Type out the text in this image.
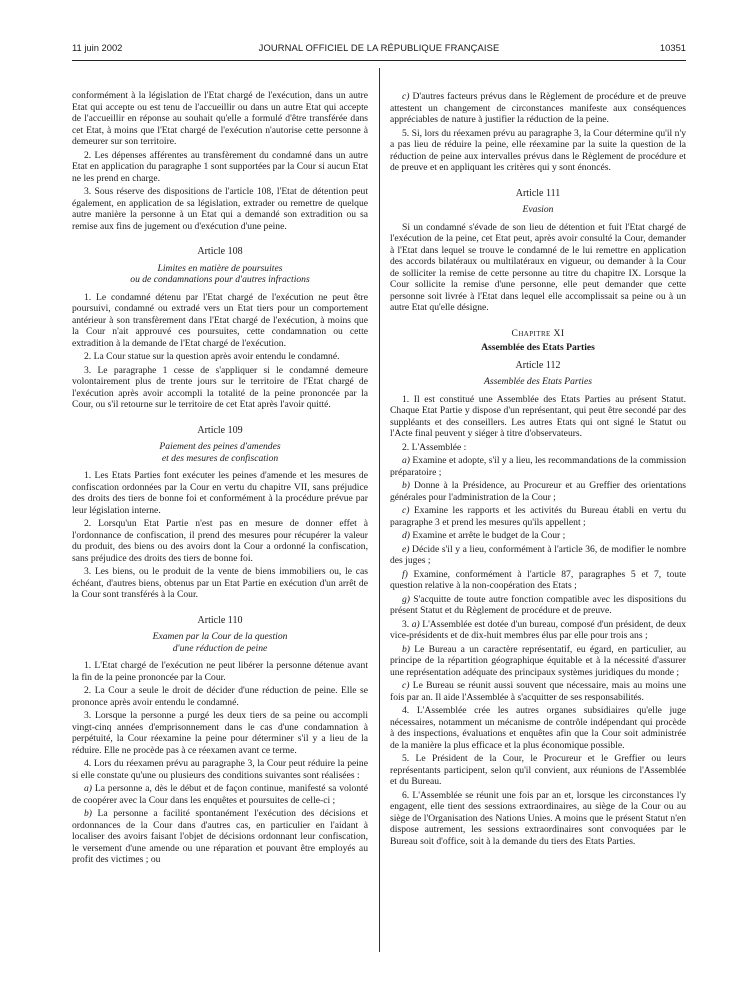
11 juin 2002	JOURNAL OFFICIEL DE LA RÉPUBLIQUE FRANÇAISE	10351

conformément à la législation de l'Etat chargé de l'exécution, dans un autre Etat qui accepte ou est tenu de l'accueillir ou dans un autre Etat qui accepte de l'accueillir en réponse au souhait qu'elle a formulé d'être transférée dans cet Etat, à moins que l'Etat chargé de l'exécution n'autorise cette personne à demeurer sur son territoire.

2. Les dépenses afférentes au transfèrement du condamné dans un autre Etat en application du paragraphe 1 sont supportées par la Cour si aucun Etat ne les prend en charge.

3. Sous réserve des dispositions de l'article 108, l'Etat de détention peut également, en application de sa législation, extrader ou remettre de quelque autre manière la personne à un Etat qui a demandé son extradition ou sa remise aux fins de jugement ou d'exécution d'une peine.

Article 108
Limites en matière de poursuites
ou de condamnations pour d'autres infractions

1. Le condamné détenu par l'Etat chargé de l'exécution ne peut être poursuivi, condamné ou extradé vers un Etat tiers pour un comportement antérieur à son transfèrement dans l'Etat chargé de l'exécution, à moins que la Cour n'ait approuvé ces poursuites, cette condamnation ou cette extradition à la demande de l'Etat chargé de l'exécution.

2. La Cour statue sur la question après avoir entendu le condamné.

3. Le paragraphe 1 cesse de s'appliquer si le condamné demeure volontairement plus de trente jours sur le territoire de l'Etat chargé de l'exécution après avoir accompli la totalité de la peine prononcée par la Cour, ou s'il retourne sur le territoire de cet Etat après l'avoir quitté.

Article 109
Paiement des peines d'amendes
et des mesures de confiscation

1. Les Etats Parties font exécuter les peines d'amende et les mesures de confiscation ordonnées par la Cour en vertu du chapitre VII, sans préjudice des droits des tiers de bonne foi et conformément à la procédure prévue par leur législation interne.

2. Lorsqu'un Etat Partie n'est pas en mesure de donner effet à l'ordonnance de confiscation, il prend des mesures pour récupérer la valeur du produit, des biens ou des avoirs dont la Cour a ordonné la confiscation, sans préjudice des droits des tiers de bonne foi.

3. Les biens, ou le produit de la vente de biens immobiliers ou, le cas échéant, d'autres biens, obtenus par un Etat Partie en exécution d'un arrêt de la Cour sont transférés à la Cour.

Article 110
Examen par la Cour de la question
d'une réduction de peine

1. L'Etat chargé de l'exécution ne peut libérer la personne détenue avant la fin de la peine prononcée par la Cour.

2. La Cour a seule le droit de décider d'une réduction de peine. Elle se prononce après avoir entendu le condamné.

3. Lorsque la personne a purgé les deux tiers de sa peine ou accompli vingt-cinq années d'emprisonnement dans le cas d'une condamnation à perpétuité, la Cour réexamine la peine pour déterminer s'il y a lieu de la réduire. Elle ne procède pas à ce réexamen avant ce terme.

4. Lors du réexamen prévu au paragraphe 3, la Cour peut réduire la peine si elle constate qu'une ou plusieurs des conditions suivantes sont réalisées :

a) La personne a, dès le début et de façon continue, manifesté sa volonté de coopérer avec la Cour dans les enquêtes et poursuites de celle-ci ;

b) La personne a facilité spontanément l'exécution des décisions et ordonnances de la Cour dans d'autres cas, en particulier en l'aidant à localiser des avoirs faisant l'objet de décisions ordonnant leur confiscation, le versement d'une amende ou une réparation et pouvant être employés au profit des victimes ; ou

c) D'autres facteurs prévus dans le Règlement de procédure et de preuve attestent un changement de circonstances manifeste aux conséquences appréciables de nature à justifier la réduction de la peine.

5. Si, lors du réexamen prévu au paragraphe 3, la Cour détermine qu'il n'y a pas lieu de réduire la peine, elle réexamine par la suite la question de la réduction de peine aux intervalles prévus dans le Règlement de procédure et de preuve et en appliquant les critères qui y sont énoncés.

Article 111
Evasion

Si un condamné s'évade de son lieu de détention et fuit l'Etat chargé de l'exécution de la peine, cet Etat peut, après avoir consulté la Cour, demander à l'Etat dans lequel se trouve le condamné de le lui remettre en application des accords bilatéraux ou multilatéraux en vigueur, ou demander à la Cour de solliciter la remise de cette personne au titre du chapitre IX. Lorsque la Cour sollicite la remise d'une personne, elle peut demander que cette personne soit livrée à l'Etat dans lequel elle accomplissait sa peine ou à un autre Etat qu'elle désigne.

Chapitre XI
Assemblée des Etats Parties
Article 112
Assemblée des Etats Parties

1. Il est constitué une Assemblée des Etats Parties au présent Statut. Chaque Etat Partie y dispose d'un représentant, qui peut être secondé par des suppléants et des conseillers. Les autres Etats qui ont signé le Statut ou l'Acte final peuvent y siéger à titre d'observateurs.

2. L'Assemblée :

a) Examine et adopte, s'il y a lieu, les recommandations de la commission préparatoire ;

b) Donne à la Présidence, au Procureur et au Greffier des orientations générales pour l'administration de la Cour ;

c) Examine les rapports et les activités du Bureau établi en vertu du paragraphe 3 et prend les mesures qu'ils appellent ;

d) Examine et arrête le budget de la Cour ;

e) Décide s'il y a lieu, conformément à l'article 36, de modifier le nombre des juges ;

f) Examine, conformément à l'article 87, paragraphes 5 et 7, toute question relative à la non-coopération des Etats ;

g) S'acquitte de toute autre fonction compatible avec les dispositions du présent Statut et du Règlement de procédure et de preuve.

3. a) L'Assemblée est dotée d'un bureau, composé d'un président, de deux vice-présidents et de dix-huit membres élus par elle pour trois ans ;

b) Le Bureau a un caractère représentatif, eu égard, en particulier, au principe de la répartition géographique équitable et à la nécessité d'assurer une représentation adéquate des principaux systèmes juridiques du monde ;

c) Le Bureau se réunit aussi souvent que nécessaire, mais au moins une fois par an. Il aide l'Assemblée à s'acquitter de ses responsabilités.

4. L'Assemblée crée les autres organes subsidiaires qu'elle juge nécessaires, notamment un mécanisme de contrôle indépendant qui procède à des inspections, évaluations et enquêtes afin que la Cour soit administrée de la manière la plus efficace et la plus économique possible.

5. Le Président de la Cour, le Procureur et le Greffier ou leurs représentants participent, selon qu'il convient, aux réunions de l'Assemblée et du Bureau.

6. L'Assemblée se réunit une fois par an et, lorsque les circonstances l'y engagent, elle tient des sessions extraordinaires, au siège de la Cour ou au siège de l'Organisation des Nations Unies. A moins que le présent Statut n'en dispose autrement, les sessions extraordinaires sont convoquées par le Bureau soit d'office, soit à la demande du tiers des Etats Parties.
